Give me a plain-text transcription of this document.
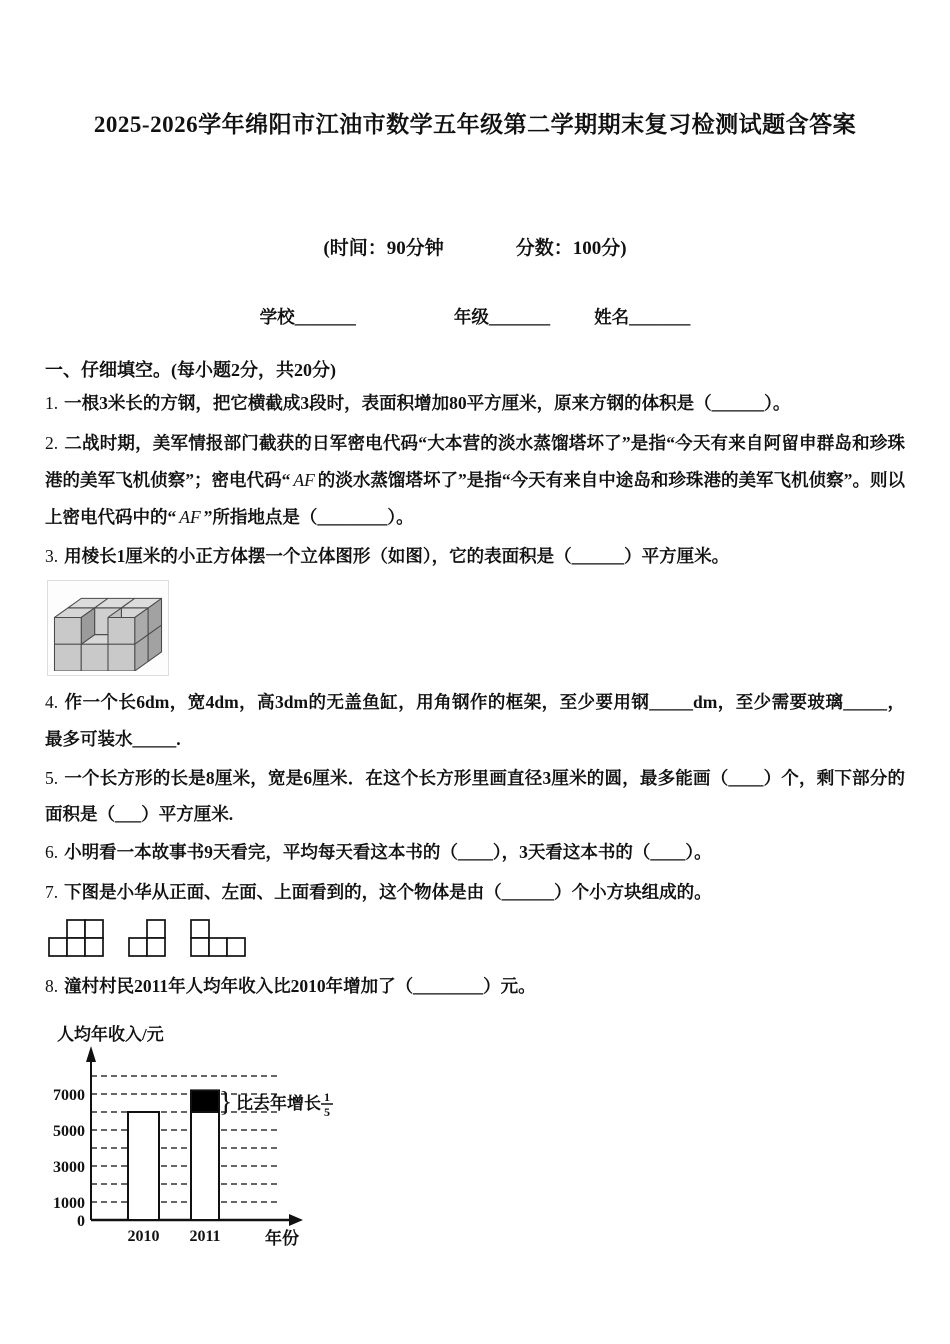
2025-2026学年绵阳市江油市数学五年级第二学期期末复习检测试题含答案
(时间：90分钟	分数：100分)
学校_______	年级_______	姓名_______
一、仔细填空。(每小题2分，共20分)

1. 一根3米长的方钢，把它横截成3段时，表面积增加80平方厘米，原来方钢的体积是（______）。

2. 二战时期，美军情报部门截获的日军密电代码“大本营的淡水蒸馏塔坏了”是指“今天有来自阿留申群岛和珍珠港的美军飞机侦察”；密电代码“ AF 的淡水蒸馏塔坏了”是指“今天有来自中途岛和珍珠港的美军飞机侦察”。则以上密电代码中的“ AF ”所指地点是（________）。

3. 用棱长1厘米的小正方体摆一个立体图形（如图），它的表面积是（______）平方厘米。

4. 作一个长6dm，宽4dm，高3dm的无盖鱼缸，用角钢作的框架，至少要用钢_____dm，至少需要玻璃_____，最多可装水_____.

5. 一个长方形的长是8厘米，宽是6厘米．在这个长方形里画直径3厘米的圆，最多能画（____）个，剩下部分的面积是（___）平方厘米.

6. 小明看一本故事书9天看完，平均每天看这本书的（____），3天看这本书的（____）。

7. 下图是小华从正面、左面、上面看到的，这个物体是由（______）个小方块组成的。

8. 潼村村民2011年人均年收入比2010年增加了（________）元。

7000
5000
3000
1000
0
2010 2011
} 比去年增长 1
5
人均年收入/元
年份
